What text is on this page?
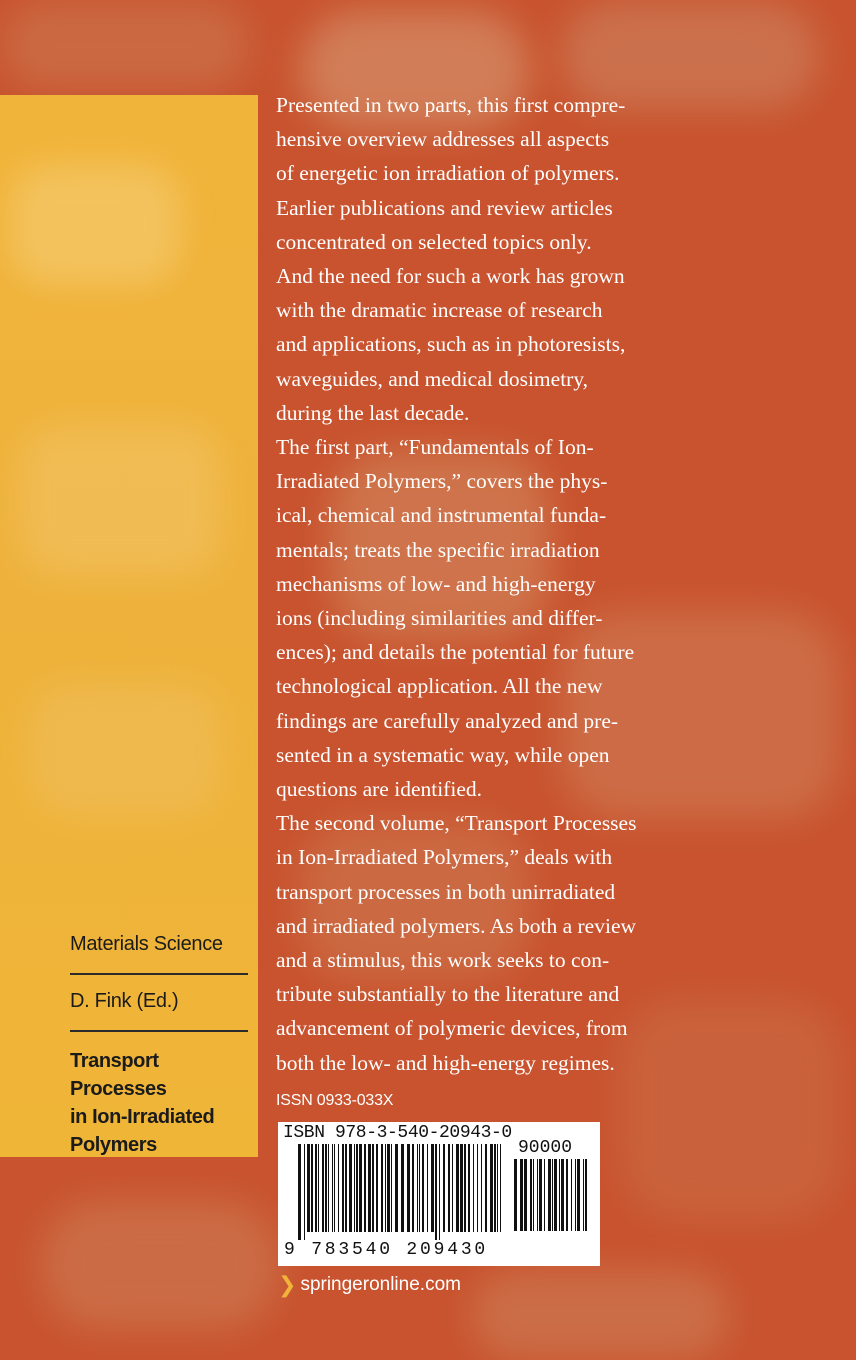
Presented in two parts, this first compre-

hensive overview addresses all aspects

of energetic ion irradiation of polymers.

Earlier publications and review articles

concentrated on selected topics only.

And the need for such a work has grown

with the dramatic increase of research

and applications, such as in photoresists,

waveguides, and medical dosimetry,

during the last decade.

The first part, “Fundamentals of Ion-

Irradiated Polymers,” covers the phys-

ical, chemical and instrumental funda-

mentals; treats the specific irradiation

mechanisms of low- and high-energy

ions (including similarities and differ-

ences); and details the potential for future

technological application. All the new

findings are carefully analyzed and pre-

sented in a systematic way, while open

questions are identified.

The second volume, “Transport Processes

in Ion-Irradiated Polymers,” deals with

transport processes in both unirradiated

and irradiated polymers. As both a review

and a stimulus, this work seeks to con-

tribute substantially to the literature and

advancement of polymeric devices, from

both the low- and high-energy regimes.

Materials Science
D. Fink (Ed.)
Transport Processes
in Ion-Irradiated
Polymers
ISSN 0933-033X
ISBN 978-3-540-20943-0
90000
9 783540 209430
❯ springeronline.com
